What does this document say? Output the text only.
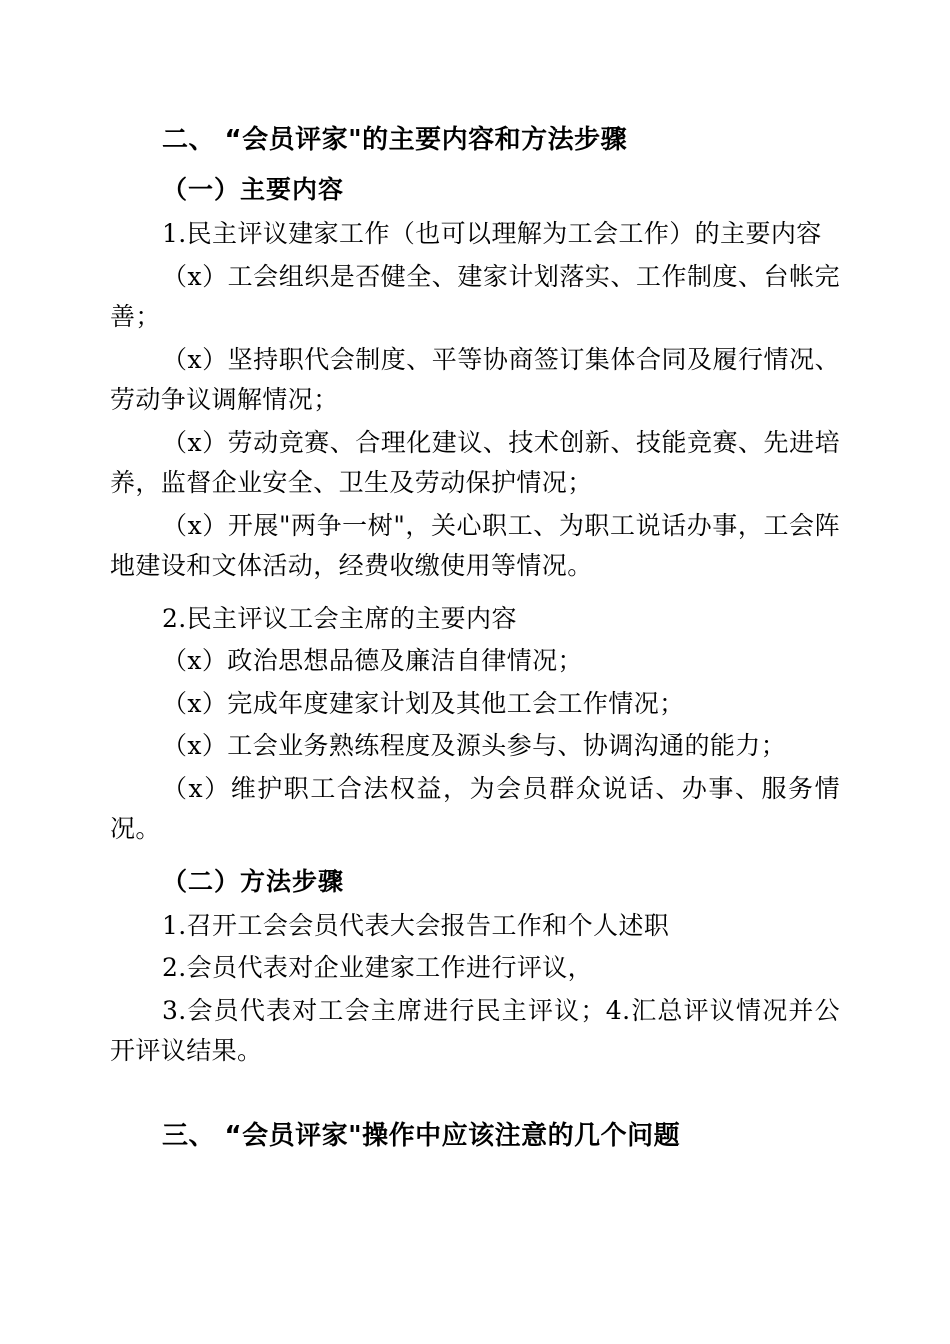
二、 “会员评家"的主要内容和方法步骤
（一）主要内容
1.民主评议建家工作（也可以理解为工会工作）的主要内容
（x）工会组织是否健全、建家计划落实、工作制度、台帐完善；
（x）坚持职代会制度、平等协商签订集体合同及履行情况、劳动争议调解情况；
（x）劳动竞赛、合理化建议、技术创新、技能竞赛、先进培养，监督企业安全、卫生及劳动保护情况；
（x）开展"两争一树"，关心职工、为职工说话办事，工会阵地建设和文体活动，经费收缴使用等情况。
2.民主评议工会主席的主要内容
（x）政治思想品德及廉洁自律情况；
（x）完成年度建家计划及其他工会工作情况；
（x）工会业务熟练程度及源头参与、协调沟通的能力；
（x）维护职工合法权益，为会员群众说话、办事、服务情况。
（二）方法步骤
1.召开工会会员代表大会报告工作和个人述职
2.会员代表对企业建家工作进行评议，
3.会员代表对工会主席进行民主评议；4.汇总评议情况并公开评议结果。
三、 “会员评家"操作中应该注意的几个问题
